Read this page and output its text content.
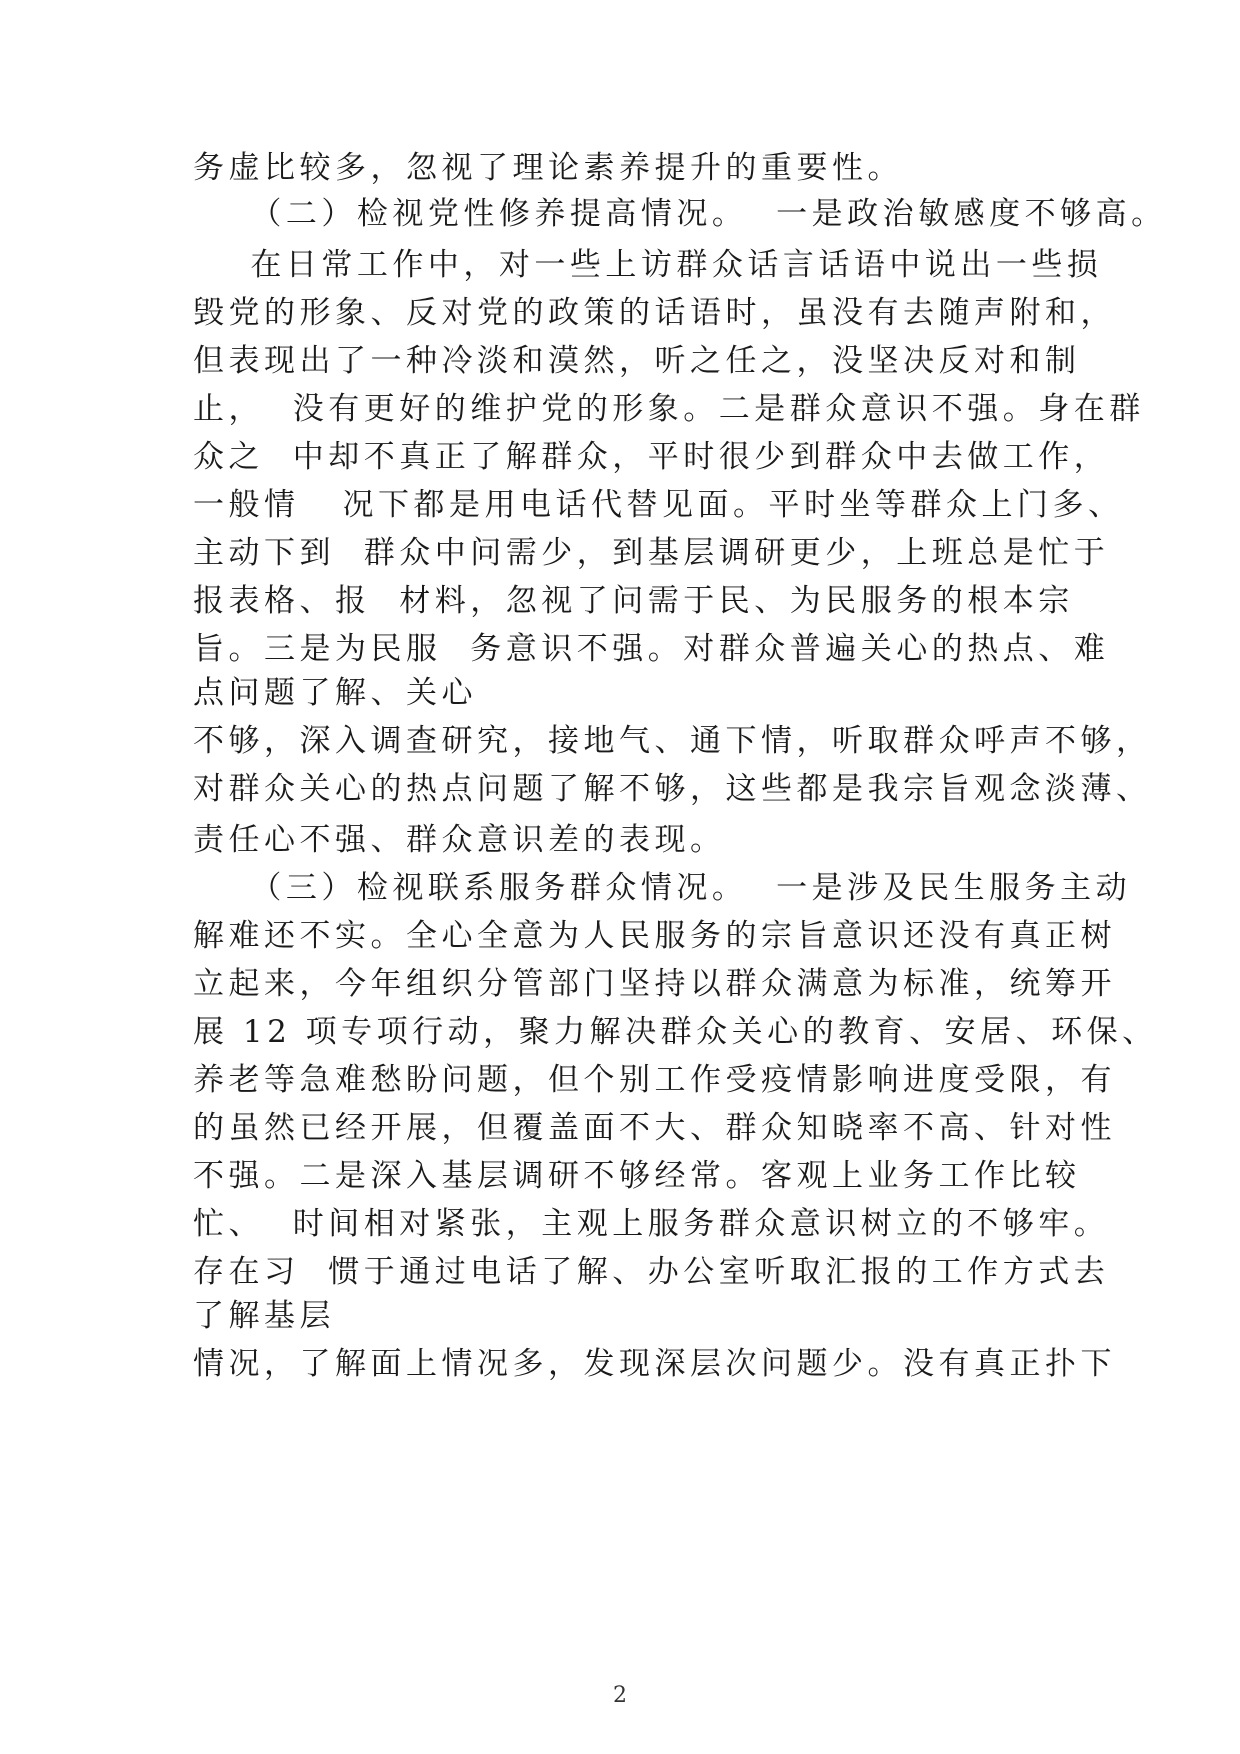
务虚比较多，忽视了理论素养提升的重要性。
（二）检视党性修养提高情况。  一是政治敏感度不够高。
在日常工作中，对一些上访群众话言话语中说出一些损
毁党的形象、反对党的政策的话语时，虽没有去随声附和，
但表现出了一种冷淡和漠然，听之任之，没坚决反对和制
止，  没有更好的维护党的形象。二是群众意识不强。身在群
众之  中却不真正了解群众，平时很少到群众中去做工作，
一般情   况下都是用电话代替见面。平时坐等群众上门多、
主动下到  群众中问需少，到基层调研更少，上班总是忙于
报表格、报  材料，忽视了问需于民、为民服务的根本宗
旨。三是为民服  务意识不强。对群众普遍关心的热点、难
点问题了解、关心
不够，深入调查研究，接地气、通下情，听取群众呼声不够，
对群众关心的热点问题了解不够，这些都是我宗旨观念淡薄、
责任心不强、群众意识差的表现。
（三）检视联系服务群众情况。  一是涉及民生服务主动
解难还不实。全心全意为人民服务的宗旨意识还没有真正树
立起来，今年组织分管部门坚持以群众满意为标准，统筹开
展 12 项专项行动，聚力解决群众关心的教育、安居、环保、
养老等急难愁盼问题，但个别工作受疫情影响进度受限，有
的虽然已经开展，但覆盖面不大、群众知晓率不高、针对性
不强。二是深入基层调研不够经常。客观上业务工作比较
忙、  时间相对紧张，主观上服务群众意识树立的不够牢。
存在习  惯于通过电话了解、办公室听取汇报的工作方式去
了解基层
情况，了解面上情况多，发现深层次问题少。没有真正扑下
2
